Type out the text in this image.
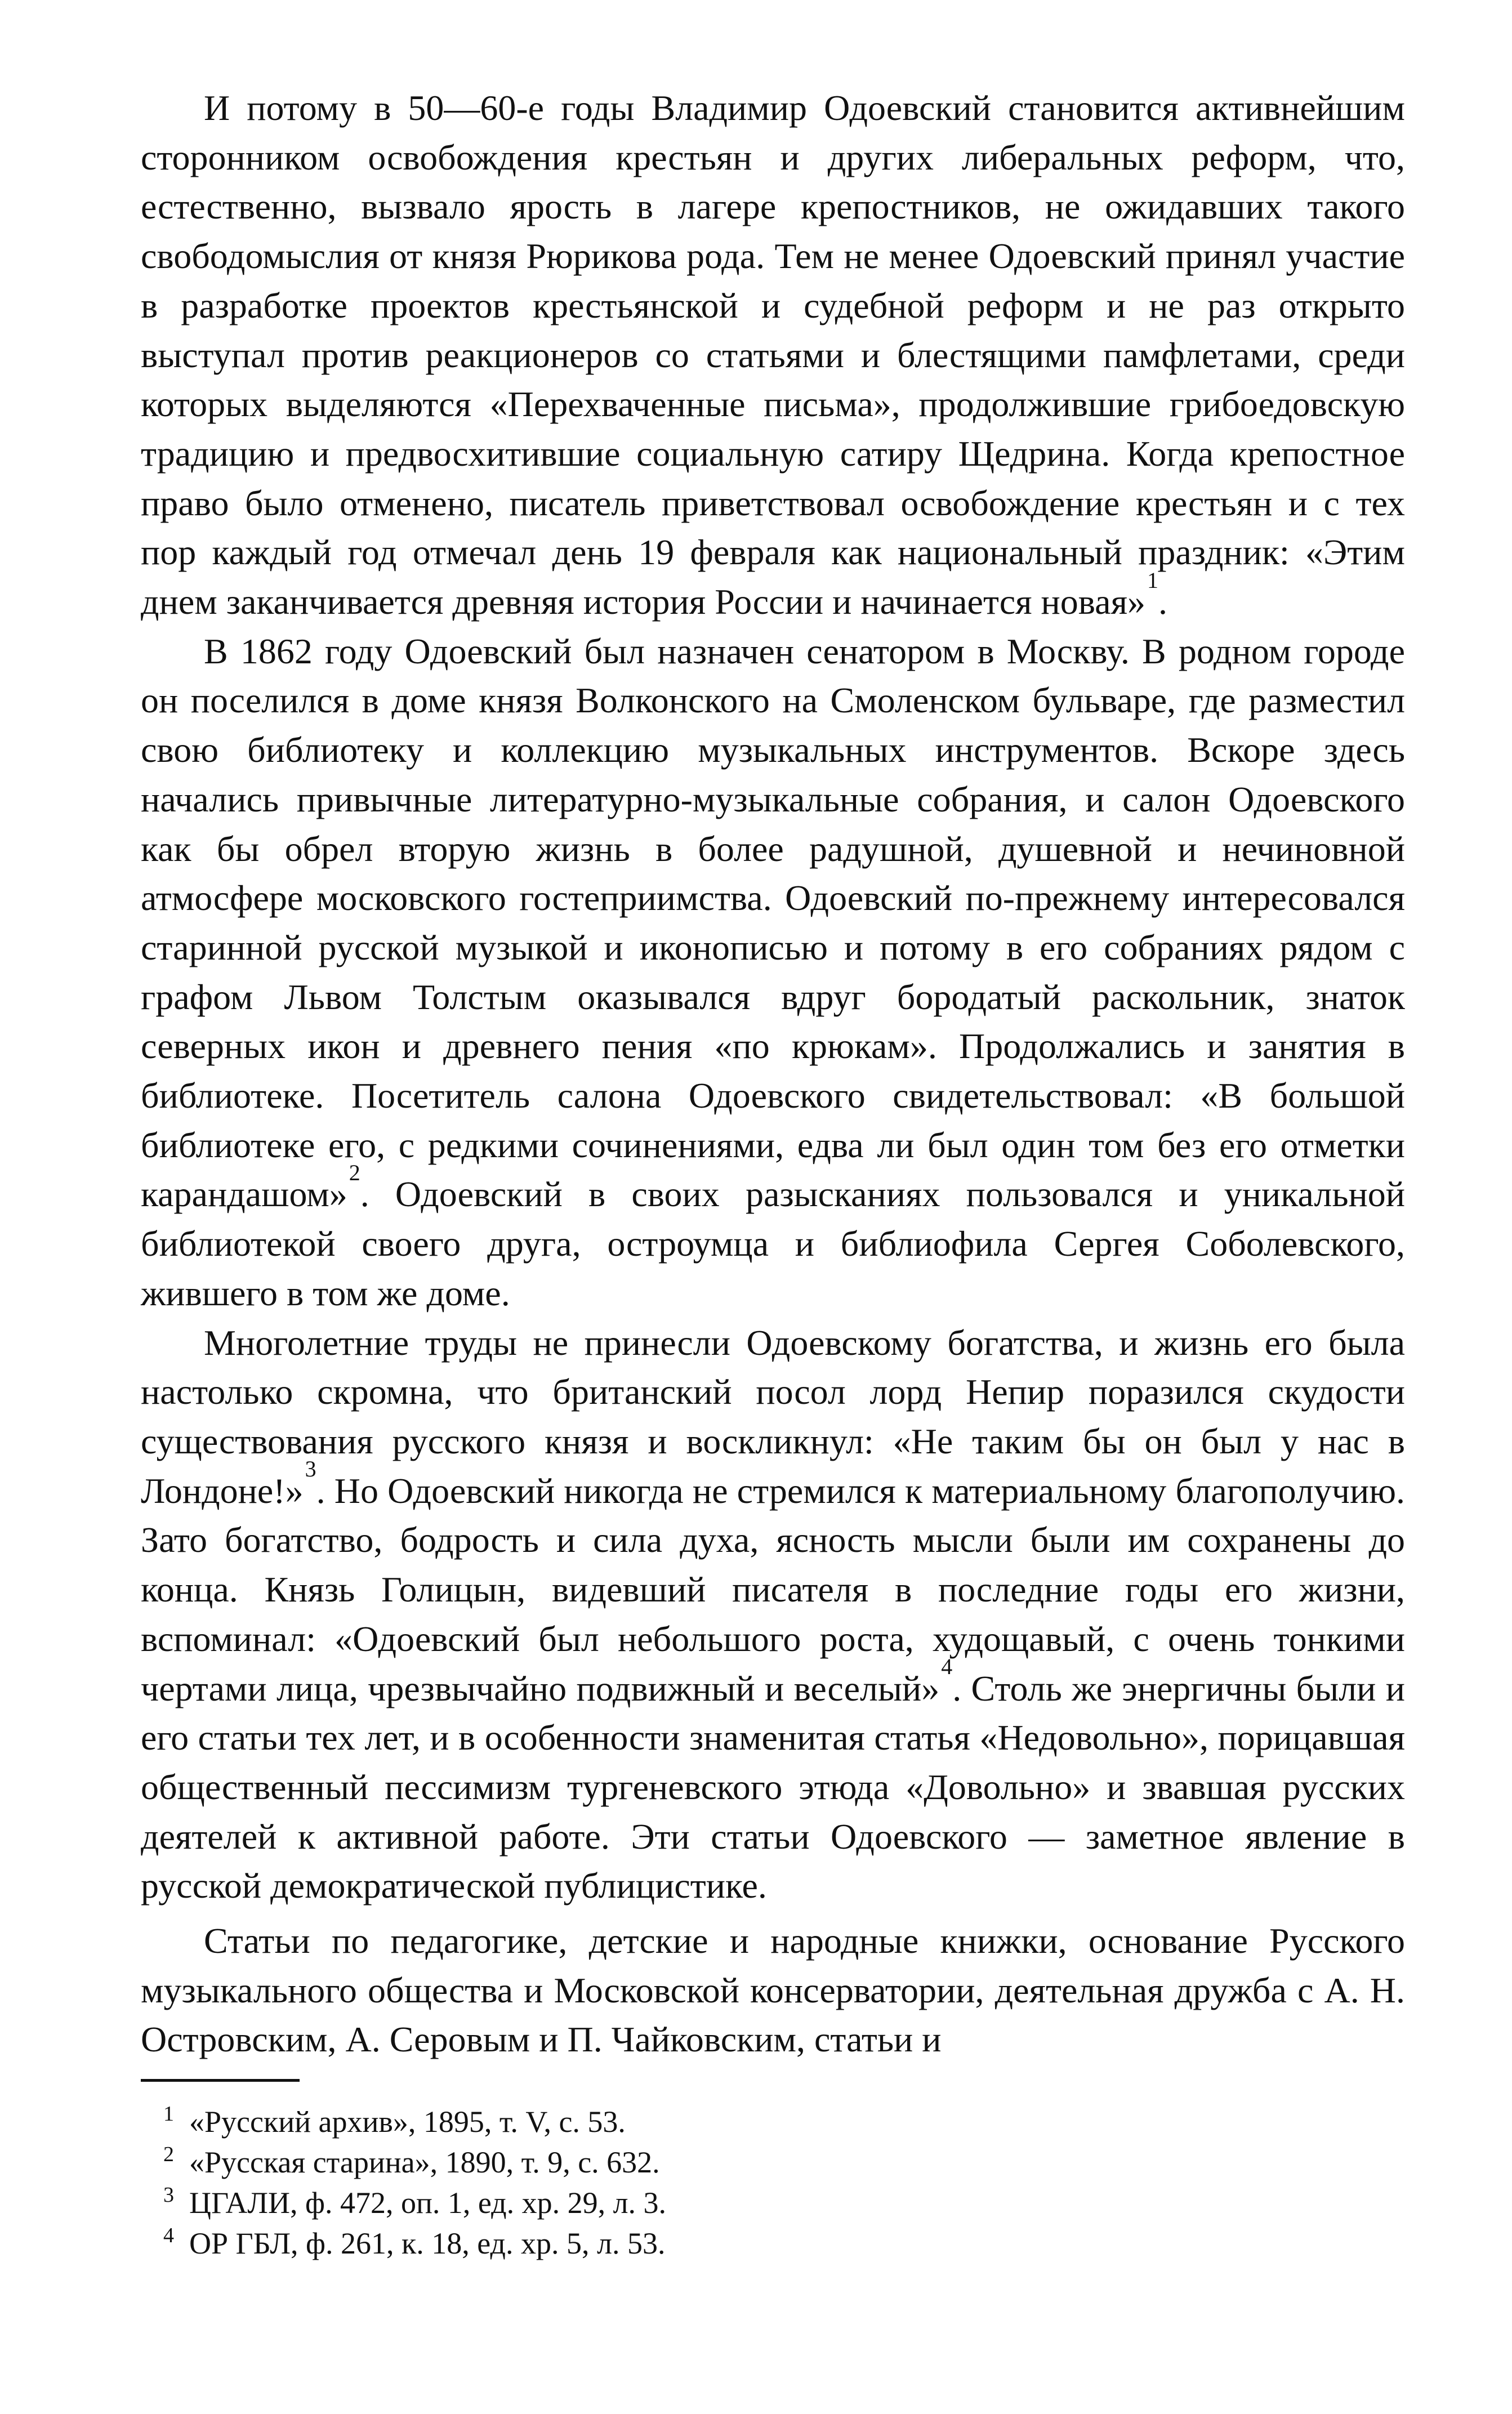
И потому в 50—60-е годы Владимир Одоевский становится активнейшим сторонником освобождения крестьян и других либеральных реформ, что, естественно, вызвало ярость в лагере крепостников, не ожидавших такого свободомыслия от князя Рюрикова рода. Тем не менее Одоевский принял участие в разработке проектов крестьянской и судебной реформ и не раз открыто выступал против реакционеров со статьями и блестящими памфлетами, среди которых выделяются «Перехваченные письма», продолжившие грибоедовскую традицию и предвосхитившие социальную сатиру Щедрина. Когда крепостное право было отменено, писатель приветствовал освобождение крестьян и с тех пор каждый год отмечал день 19 февраля как национальный праздник: «Этим днем заканчивается древняя история России и начинается новая»$^1$.

В 1862 году Одоевский был назначен сенатором в Москву. В родном городе он поселился в доме князя Волконского на Смоленском бульваре, где разместил свою библиотеку и коллекцию музыкальных инструментов. Вскоре здесь начались привычные литературно-музыкальные собрания, и салон Одоевского как бы обрел вторую жизнь в более радушной, душевной и нечиновной атмосфере московского гостеприимства. Одоевский по-прежнему интересовался старинной русской музыкой и иконописью и потому в его собраниях рядом с графом Львом Толстым оказывался вдруг бородатый раскольник, знаток северных икон и древнего пения «по крюкам». Продолжались и занятия в библиотеке. Посетитель салона Одоевского свидетельствовал: «В большой библиотеке его, с редкими сочинениями, едва ли был один том без его отметки карандашом»$^2$. Одоевский в своих разысканиях пользовался и уникальной библиотекой своего друга, остроумца и библиофила Сергея Соболевского, жившего в том же доме.

Многолетние труды не принесли Одоевскому богатства, и жизнь его была настолько скромна, что британский посол лорд Непир поразился скудости существования русского князя и воскликнул: «Не таким бы он был у нас в Лондоне!»$^3$. Но Одоевский никогда не стремился к материальному благополучию. Зато богатство, бодрость и сила духа, ясность мысли были им сохранены до конца. Князь Голицын, видевший писателя в последние годы его жизни, вспоминал: «Одоевский был небольшого роста, худощавый, с очень тонкими чертами лица, чрезвычайно подвижный и веселый»$^4$. Столь же энергичны были и его статьи тех лет, и в особенности знаменитая статья «Недовольно», порицавшая общественный пессимизм тургеневского этюда «Довольно» и звавшая русских деятелей к активной работе. Эти статьи Одоевского — заметное явление в русской демократической публицистике.

Статьи по педагогике, детские и народные книжки, основание Русского музыкального общества и Московской консерватории, деятельная дружба с А. Н. Островским, А. Серовым и П. Чайковским, статьи и

1 «Русский архив», 1895, т. V, с. 53.
2 «Русская старина», 1890, т. 9, с. 632.
3 ЦГАЛИ, ф. 472, оп. 1, ед. хр. 29, л. 3.
4 ОР ГБЛ, ф. 261, к. 18, ед. хр. 5, л. 53.
